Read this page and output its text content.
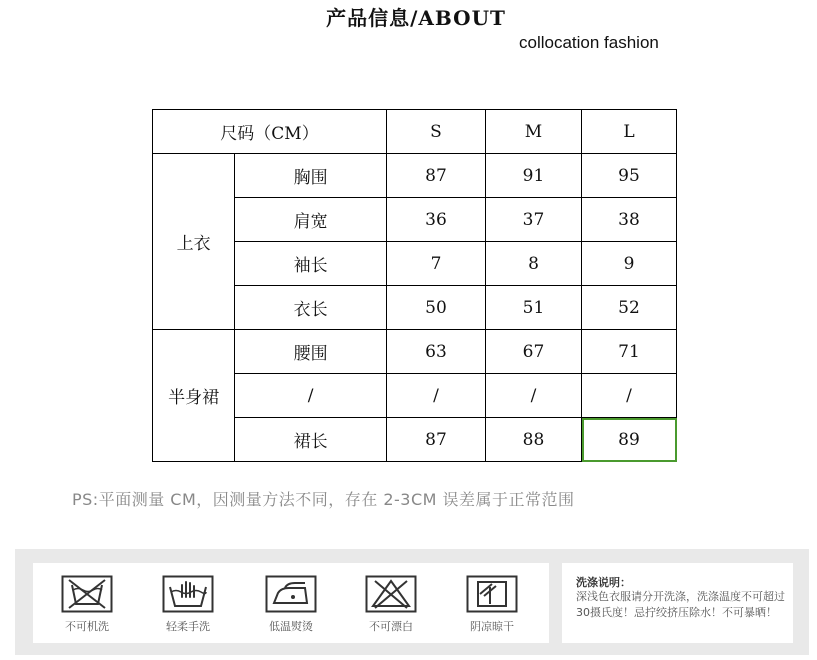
产品信息/ABOUT
collocation fashion
尺码（CM）		S	M	L
上衣	胸围	87	91	95
	肩宽	36	37	38
	袖长	7	8	9
	衣长	50	51	52
半身裙	腰围	63	67	71
	/	/	/	/
	裙长	87	88	89
PS:平面测量 CM，因测量方法不同，存在 2-3CM 误差属于正常范围
不可机洗	轻柔手洗	低温熨烫	不可漂白	阴凉晾干
洗涤说明：
深浅色衣服请分开洗涤，洗涤温度不可超过30摄氏度！忌拧绞挤压除水！不可暴晒！
